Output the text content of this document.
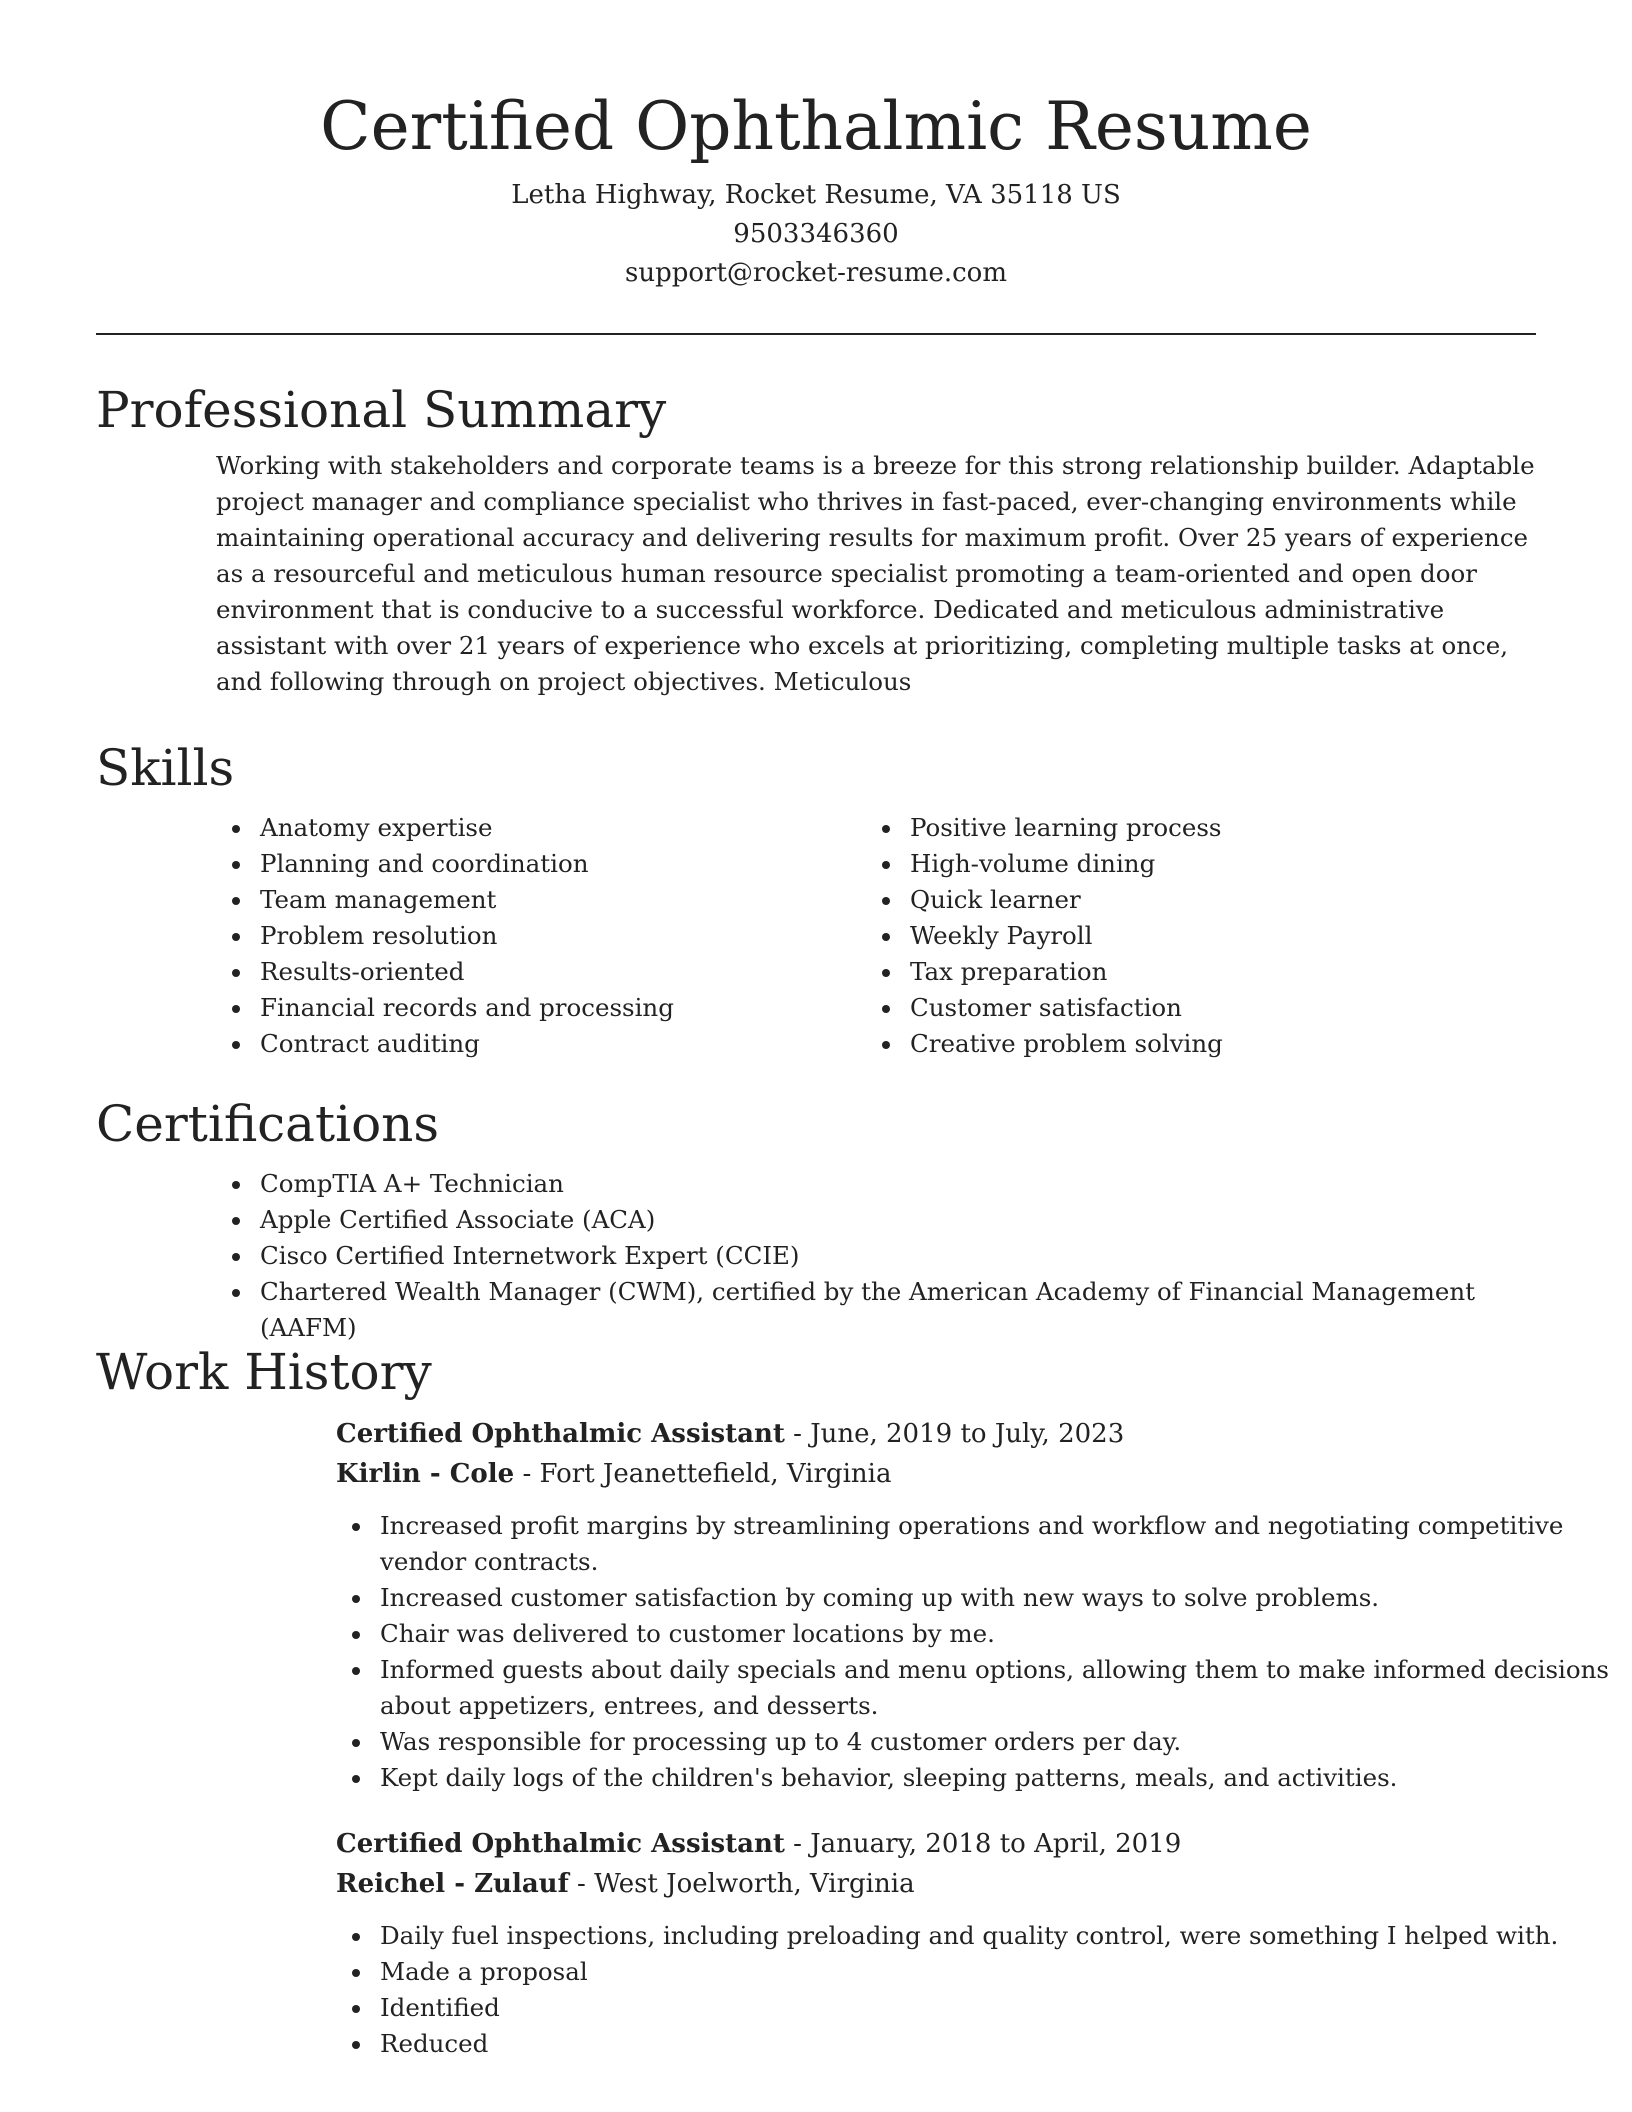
Certified Ophthalmic Resume
Letha Highway, Rocket Resume, VA 35118 US
9503346360
support@rocket-resume.com
Professional Summary

Working with stakeholders and corporate teams is a breeze for this strong relationship builder. Adaptable project manager and compliance specialist who thrives in fast-paced, ever-changing environments while maintaining operational accuracy and delivering results for maximum profit. Over 25 years of experience as a resourceful and meticulous human resource specialist promoting a team-oriented and open door environment that is conducive to a successful workforce. Dedicated and meticulous administrative assistant with over 21 years of experience who excels at prioritizing, completing multiple tasks at once, and following through on project objectives. Meticulous

Skills
Anatomy expertise
Planning and coordination
Team management
Problem resolution
Results-oriented
Financial records and processing
Contract auditing
Positive learning process
High-volume dining
Quick learner
Weekly Payroll
Tax preparation
Customer satisfaction
Creative problem solving
Certifications
CompTIA A+ Technician
Apple Certified Associate (ACA)
Cisco Certified Internetwork Expert (CCIE)
Chartered Wealth Manager (CWM), certified by the American Academy of Financial Management (AAFM)
Work History
Certified Ophthalmic Assistant - June, 2019 to July, 2023
Kirlin - Cole - Fort Jeanettefield, Virginia
Increased profit margins by streamlining operations and workflow and negotiating competitive vendor contracts.
Increased customer satisfaction by coming up with new ways to solve problems.
Chair was delivered to customer locations by me.
Informed guests about daily specials and menu options, allowing them to make informed decisions about appetizers, entrees, and desserts.
Was responsible for processing up to 4 customer orders per day.
Kept daily logs of the children's behavior, sleeping patterns, meals, and activities.
Certified Ophthalmic Assistant - January, 2018 to April, 2019
Reichel - Zulauf - West Joelworth, Virginia
Daily fuel inspections, including preloading and quality control, were something I helped with.
Made a proposal
Identified
Reduced
